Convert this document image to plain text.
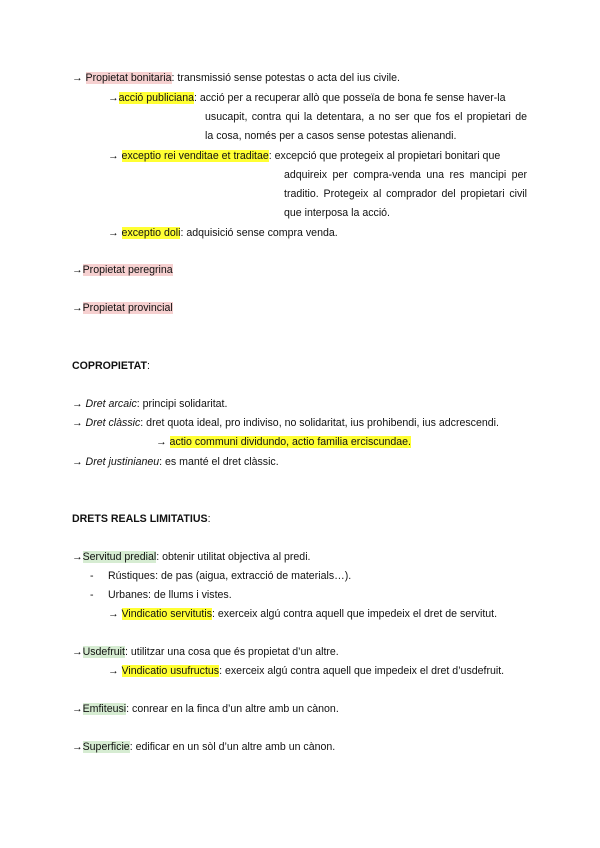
→ Propietat bonitaria: transmissió sense potestas o acta del ius civile.
→acció publiciana: acció per a recuperar allò que posseïa de bona fe sense haver-la
usucapit, contra qui la detentara, a no ser que fos el propietari de
la cosa, només per a casos sense potestas alienandi.
→ exceptio rei venditae et traditae: excepció que protegeix al propietari bonitari que
adquireix per compra-venda una res mancipi per
traditio. Protegeix al comprador del propietari civil
que interposa la acció.
→ exceptio doli: adquisició sense compra venda.
→Propietat peregrina
→Propietat provincial
COPROPIETAT:
→ Dret arcaic: principi solidaritat.
→ Dret clàssic: dret quota ideal, pro indiviso, no solidaritat, ius prohibendi, ius adcrescendi.
→ actio communi dividundo, actio familia erciscundae.
→ Dret justinianeu: es manté el dret clàssic.
DRETS REALS LIMITATIUS:
→Servitud predial: obtenir utilitat objectiva al predi.
- Rústiques: de pas (aigua, extracció de materials…).
- Urbanes: de llums i vistes.
→ Vindicatio servitutis: exerceix algú contra aquell que impedeix el dret de servitut.
→Usdefruit: utilitzar una cosa que és propietat d’un altre.
→ Vindicatio usufructus: exerceix algú contra aquell que impedeix el dret d’usdefruit.
→Emfiteusi: conrear en la finca d’un altre amb un cànon.
→Superficie: edificar en un sòl d’un altre amb un cànon.
